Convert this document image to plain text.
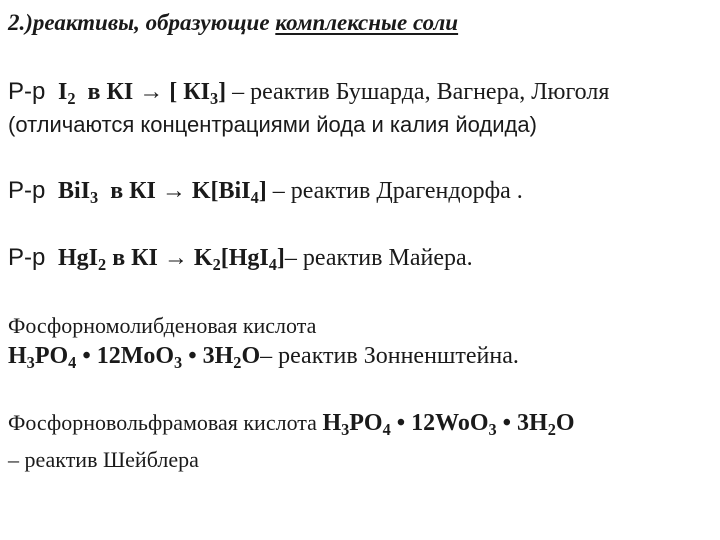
2.)реактивы, образующие комплексные соли
Р-р  $I_2$  в КI → [ $КI_3$] – реактив Бушарда, Вагнера, Люголя
(отличаются концентрациями йода и калия йодида)
Р-р  BiI$_3$  в КI → K[BiI$_4$] – реактив Драгендорфа .
Р-р  HgI$_2$ в КI → $K_2[HgI_4]-$ реактив Майера.
Фосфорномолибденовая кислота
$H_3PO_4$ • 12MoO$_3$ • $3H_2O-$ реактив Зонненштейна.
Фосфорновольфрамовая кислота $H_3PO_4$ • 12WoO$_3$ • $3H_2O$
– реактив Шейблера
